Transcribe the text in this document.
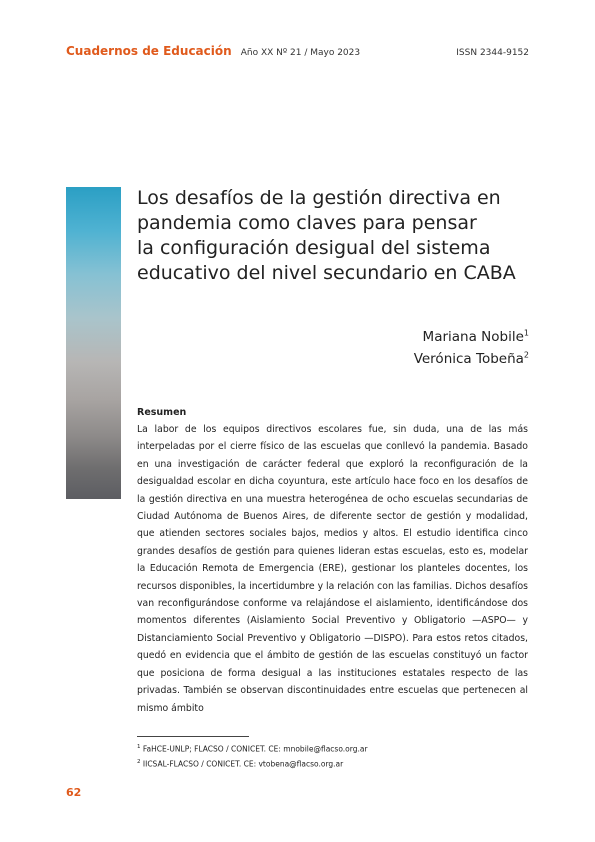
Cuadernos de Educación Año XX Nº 21 / Mayo 2023	ISSN 2344-9152
Los desafíos de la gestión directiva en
pandemia como claves para pensar
la configuración desigual del sistema
educativo del nivel secundario en CABA
Mariana Nobile$^1$
Verónica Tobeña$^2$
Resumen

La labor de los equipos directivos escolares fue, sin duda, una de las más interpeladas por el cierre físico de las escuelas que conllevó la pandemia. Basado en una investigación de carácter federal que exploró la reconfiguración de la desigualdad escolar en dicha coyuntura, este artículo hace foco en los desafíos de la gestión directiva en una muestra heterogénea de ocho escuelas secundarias de Ciudad Autónoma de Buenos Aires, de diferente sector de gestión y modalidad, que atienden sectores sociales bajos, medios y altos. El estudio identifica cinco grandes desafíos de gestión para quienes lideran estas escuelas, esto es, modelar la Educación Remota de Emergencia (ERE), gestionar los planteles docentes, los recursos disponibles, la incertidumbre y la relación con las familias. Dichos desafíos van reconfigurándose conforme va relajándose el aislamiento, identificándose dos momentos diferentes (Aislamiento Social Preventivo y Obligatorio —ASPO— y Distanciamiento Social Preventivo y Obligatorio —DISPO). Para estos retos citados, quedó en evidencia que el ámbito de gestión de las escuelas constituyó un factor que posiciona de forma desigual a las instituciones estatales respecto de las privadas. También se observan discontinuidades entre escuelas que pertenecen al mismo ámbito

$^1$ FaHCE-UNLP; FLACSO / CONICET. CE: mnobile@flacso.org.ar
$^2$ IICSAL-FLACSO / CONICET. CE: vtobena@flacso.org.ar
62
